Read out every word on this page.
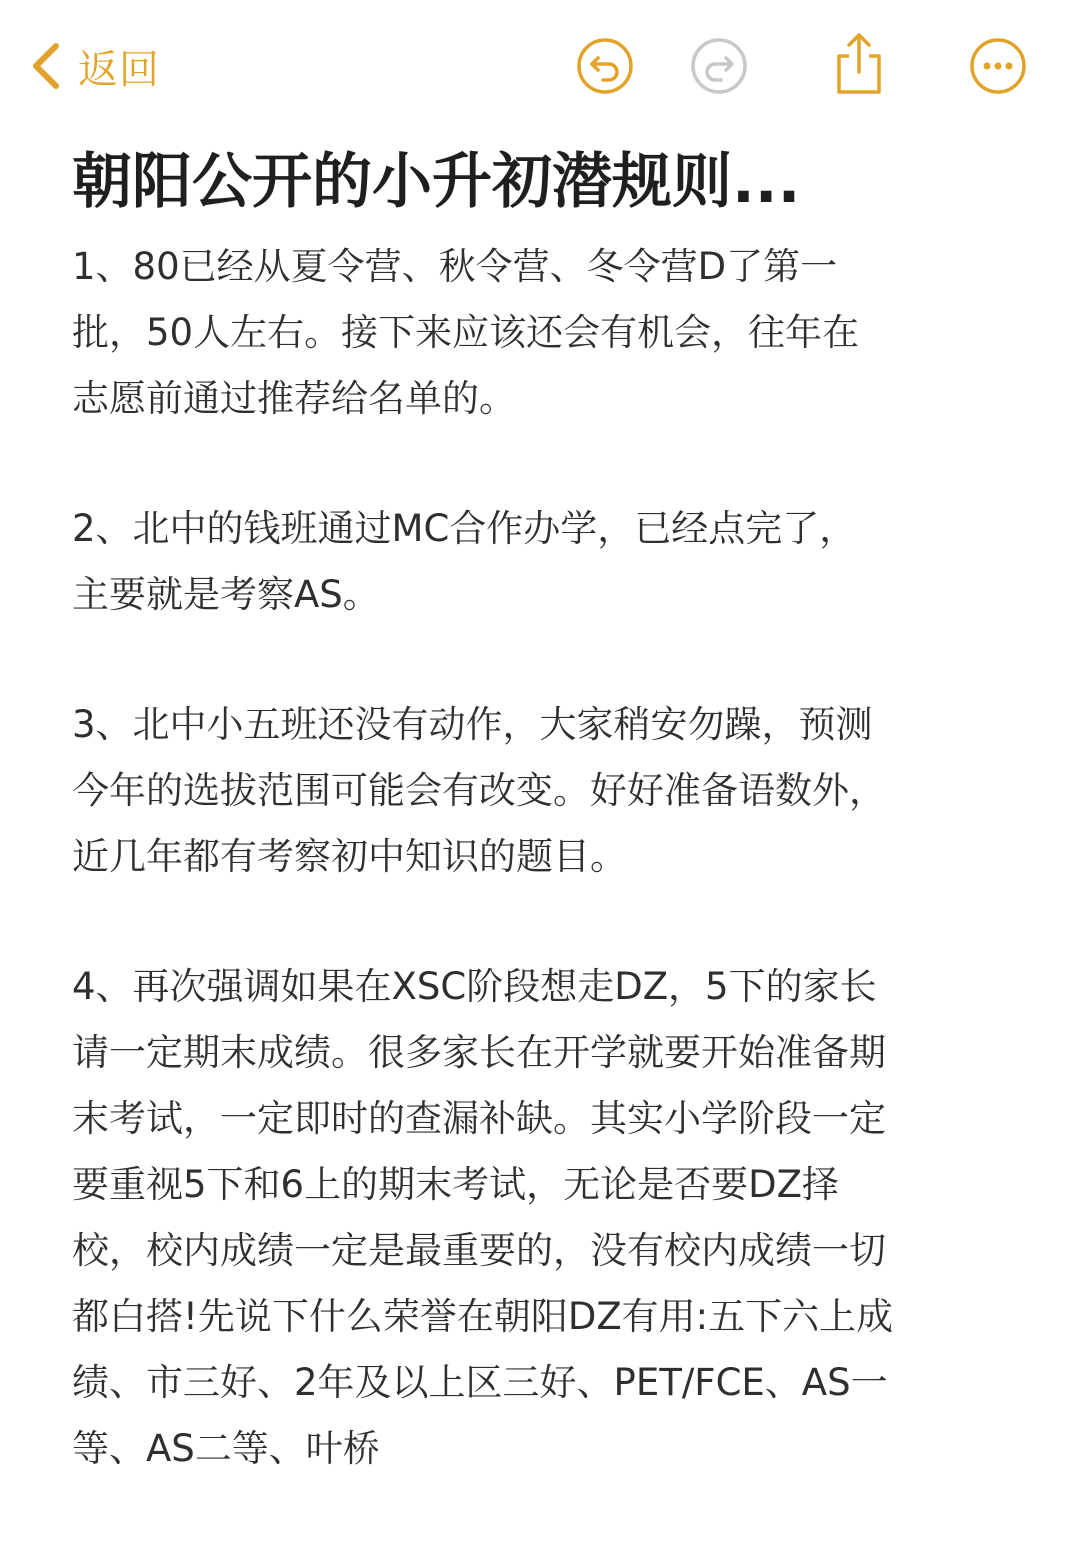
返回
朝阳公开的小升初潜规则...

1、80已经从夏令营、秋令营、冬令营D了第一
批，50人左右。接下来应该还会有机会，往年在
志愿前通过推荐给名单的。

2、北中的钱班通过MC合作办学，已经点完了，
主要就是考察AS。

3、北中小五班还没有动作，大家稍安勿躁，预测
今年的选拔范围可能会有改变。好好准备语数外，
近几年都有考察初中知识的题目。

4、再次强调如果在XSC阶段想走DZ，5下的家长
请一定期末成绩。很多家长在开学就要开始准备期
末考试，一定即时的查漏补缺。其实小学阶段一定
要重视5下和6上的期末考试，无论是否要DZ择
校，校内成绩一定是最重要的，没有校内成绩一切
都白搭!先说下什么荣誉在朝阳DZ有用:五下六上成
绩、市三好、2年及以上区三好、PET/FCE、AS一
等、AS二等、叶桥
